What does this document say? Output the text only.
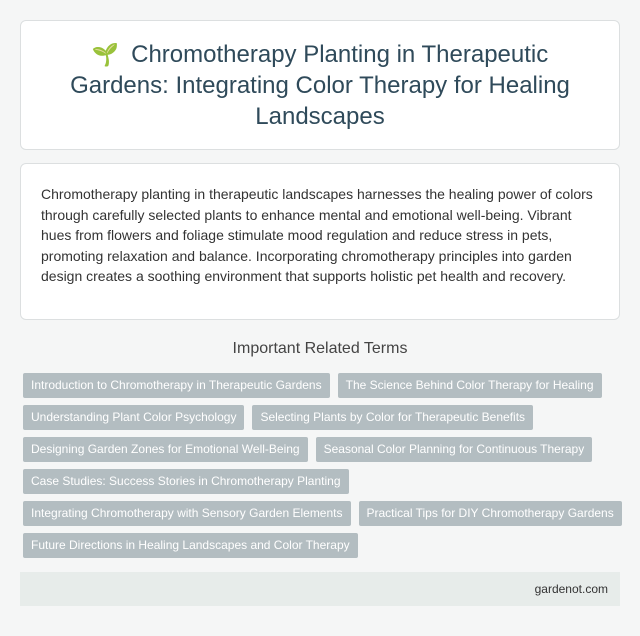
🌱 Chromotherapy Planting in Therapeutic Gardens: Integrating Color Therapy for Healing Landscapes

Chromotherapy planting in therapeutic landscapes harnesses the healing power of colors through carefully selected plants to enhance mental and emotional well-being. Vibrant hues from flowers and foliage stimulate mood regulation and reduce stress in pets, promoting relaxation and balance. Incorporating chromotherapy principles into garden design creates a soothing environment that supports holistic pet health and recovery.

Important Related Terms
Introduction to Chromotherapy in Therapeutic Gardens	The Science Behind Color Therapy for Healing
Understanding Plant Color Psychology	Selecting Plants by Color for Therapeutic Benefits
Designing Garden Zones for Emotional Well-Being	Seasonal Color Planning for Continuous Therapy
Case Studies: Success Stories in Chromotherapy Planting
Integrating Chromotherapy with Sensory Garden Elements	Practical Tips for DIY Chromotherapy Gardens
Future Directions in Healing Landscapes and Color Therapy
gardenot.com
